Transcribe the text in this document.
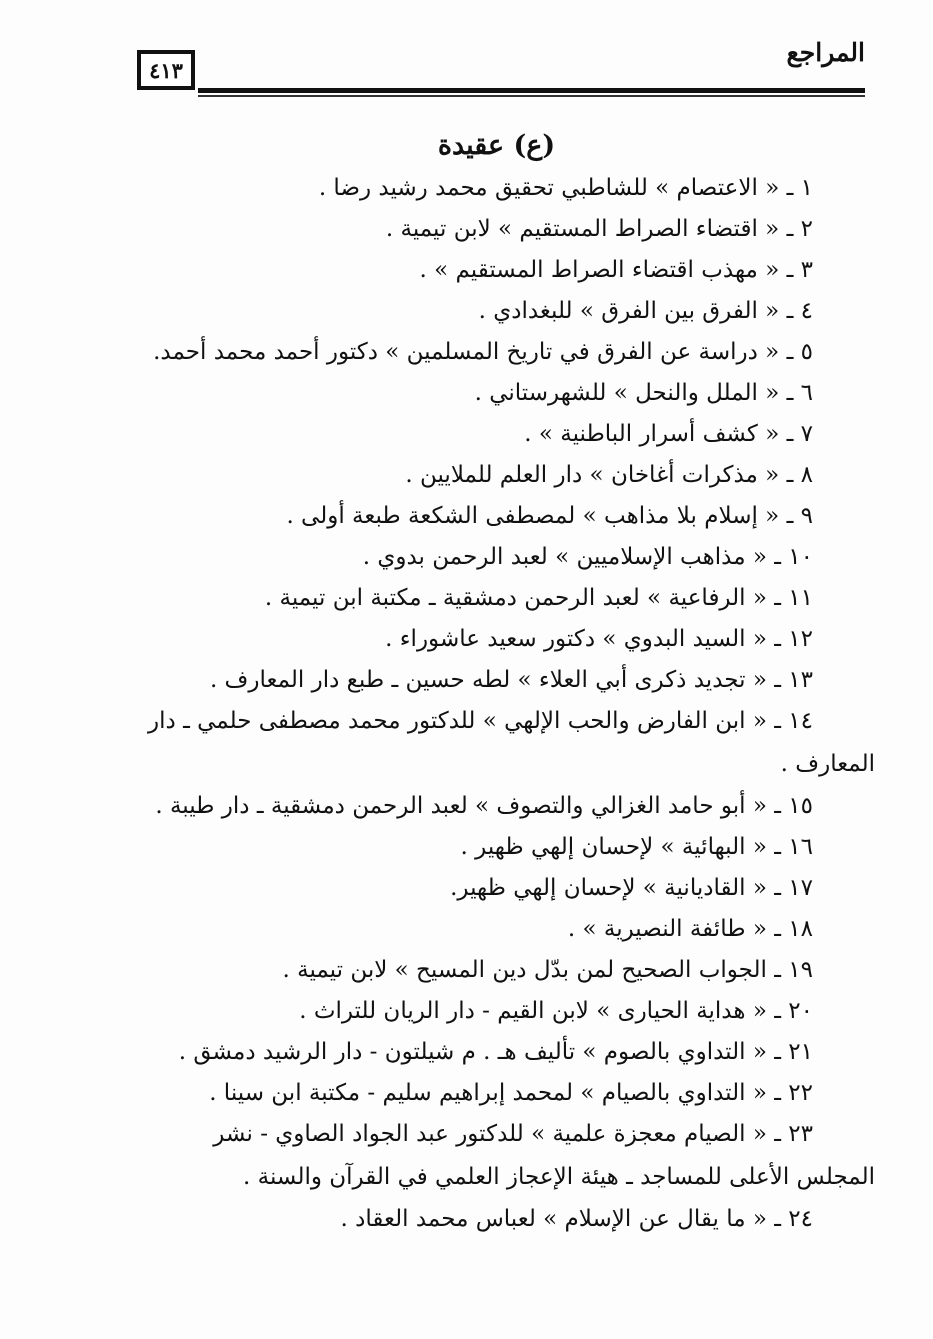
المراجع
٤١٣
(ع) عقيدة
١ ـ « الاعتصام » للشاطبي تحقيق محمد رشيد رضا .
٢ ـ « اقتضاء الصراط المستقيم » لابن تيمية .
٣ ـ « مهذب اقتضاء الصراط المستقيم » .
٤ ـ « الفرق بين الفرق » للبغدادي .
٥ ـ « دراسة عن الفرق في تاريخ المسلمين » دكتور أحمد محمد أحمد.
٦ ـ « الملل والنحل » للشهرستاني .
٧ ـ « كشف أسرار الباطنية » .
٨ ـ « مذكرات أغاخان » دار العلم للملايين .
٩ ـ « إسلام بلا مذاهب » لمصطفى الشكعة طبعة أولى .
١٠ ـ « مذاهب الإسلاميين » لعبد الرحمن بدوي .
١١ ـ « الرفاعية » لعبد الرحمن دمشقية ـ مكتبة ابن تيمية .
١٢ ـ « السيد البدوي » دكتور سعيد عاشوراء .
١٣ ـ « تجديد ذكرى أبي العلاء » لطه حسين ـ طبع دار المعارف .
١٤ ـ « ابن الفارض والحب الإلهي » للدكتور محمد مصطفى حلمي ـ دار
المعارف .
١٥ ـ « أبو حامد الغزالي والتصوف » لعبد الرحمن دمشقية ـ دار طيبة .
١٦ ـ « البهائية » لإحسان إلهي ظهير .
١٧ ـ « القاديانية » لإحسان إلهي ظهير.
١٨ ـ « طائفة النصيرية » .
١٩ ـ الجواب الصحيح لمن بدّل دين المسيح » لابن تيمية .
٢٠ ـ « هداية الحيارى » لابن القيم - دار الريان للتراث .
٢١ ـ « التداوي بالصوم » تأليف هـ . م شيلتون - دار الرشيد دمشق .
٢٢ ـ « التداوي بالصيام » لمحمد إبراهيم سليم - مكتبة ابن سينا .
٢٣ ـ « الصيام معجزة علمية » للدكتور عبد الجواد الصاوي - نشر
المجلس الأعلى للمساجد ـ هيئة الإعجاز العلمي في القرآن والسنة .
٢٤ ـ « ما يقال عن الإسلام » لعباس محمد العقاد .
